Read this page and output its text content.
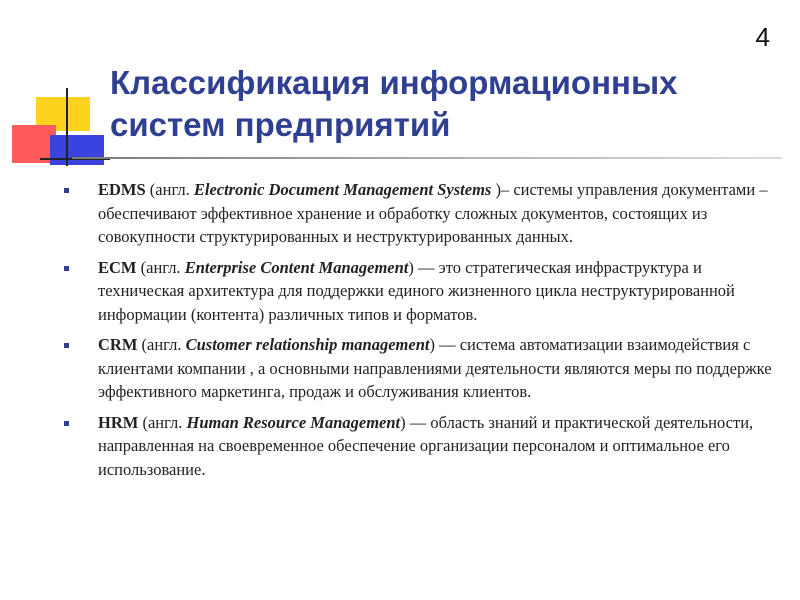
4
Классификация информационных
систем предприятий
EDMS (англ. Electronic Document Management Systems )– системы управления документами – обеспечивают эффективное хранение и обработку сложных документов, состоящих из совокупности структурированных и неструктурированных данных.
ECM (англ. Enterprise Content Management) — это стратегическая инфраструктура и техническая архитектура для поддержки единого жизненного цикла неструктурированной информации (контента) различных типов и форматов.
CRM (англ. Customer relationship management) — система автоматизации взаимодействия с клиентами компании , а основными направлениями деятельности являются меры по поддержке эффективного маркетинга, продаж и обслуживания клиентов.
HRM (англ. Human Resource Management) — область знаний и практической деятельности, направленная на своевременное обеспечение организации персоналом и оптимальное его использование.
